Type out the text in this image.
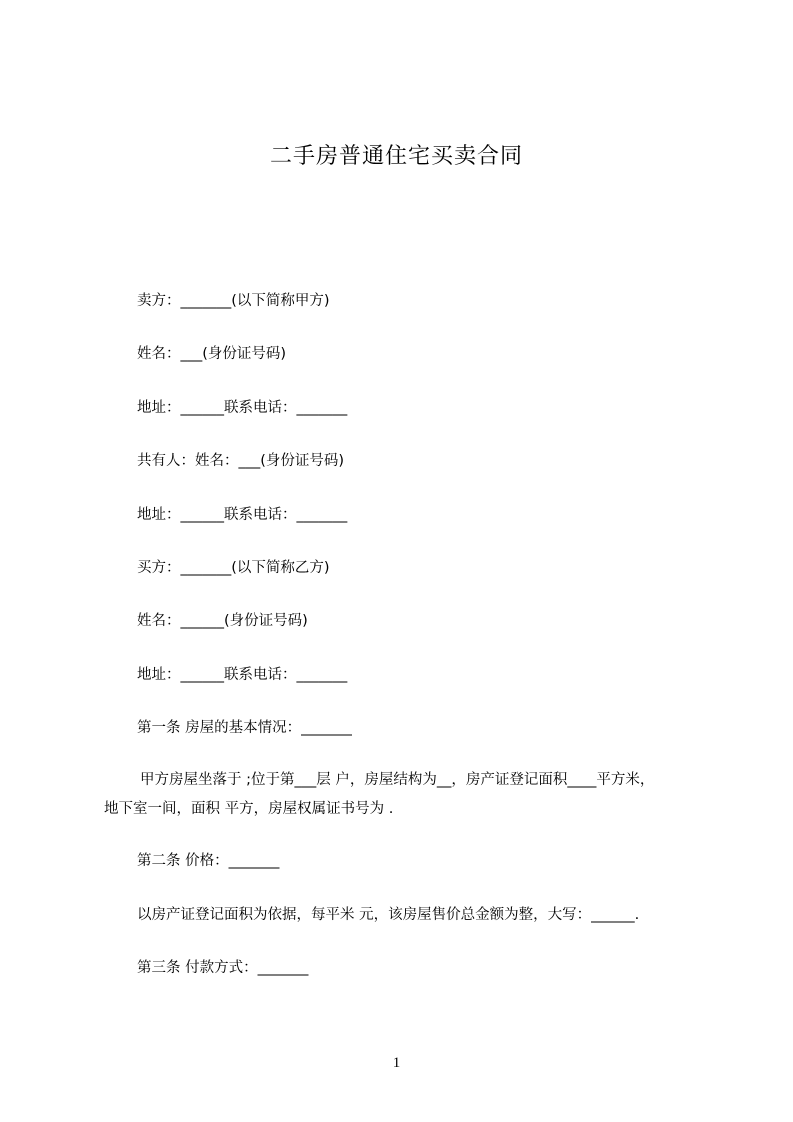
二手房普通住宅买卖合同
卖方：_______(以下简称甲方)
姓名：___(身份证号码)
地址：______联系电话：_______
共有人：姓名：___(身份证号码)
地址：______联系电话：_______
买方：_______(以下简称乙方)
姓名：______(身份证号码)
地址：______联系电话：_______
第一条 房屋的基本情况：_______
甲方房屋坐落于 ;位于第___层 户，房屋结构为__，房产证登记面积____平方米，
地下室一间，面积 平方，房屋权属证书号为 .
第二条 价格：_______
以房产证登记面积为依据，每平米 元，该房屋售价总金额为整，大写：______.
第三条 付款方式：_______
1
